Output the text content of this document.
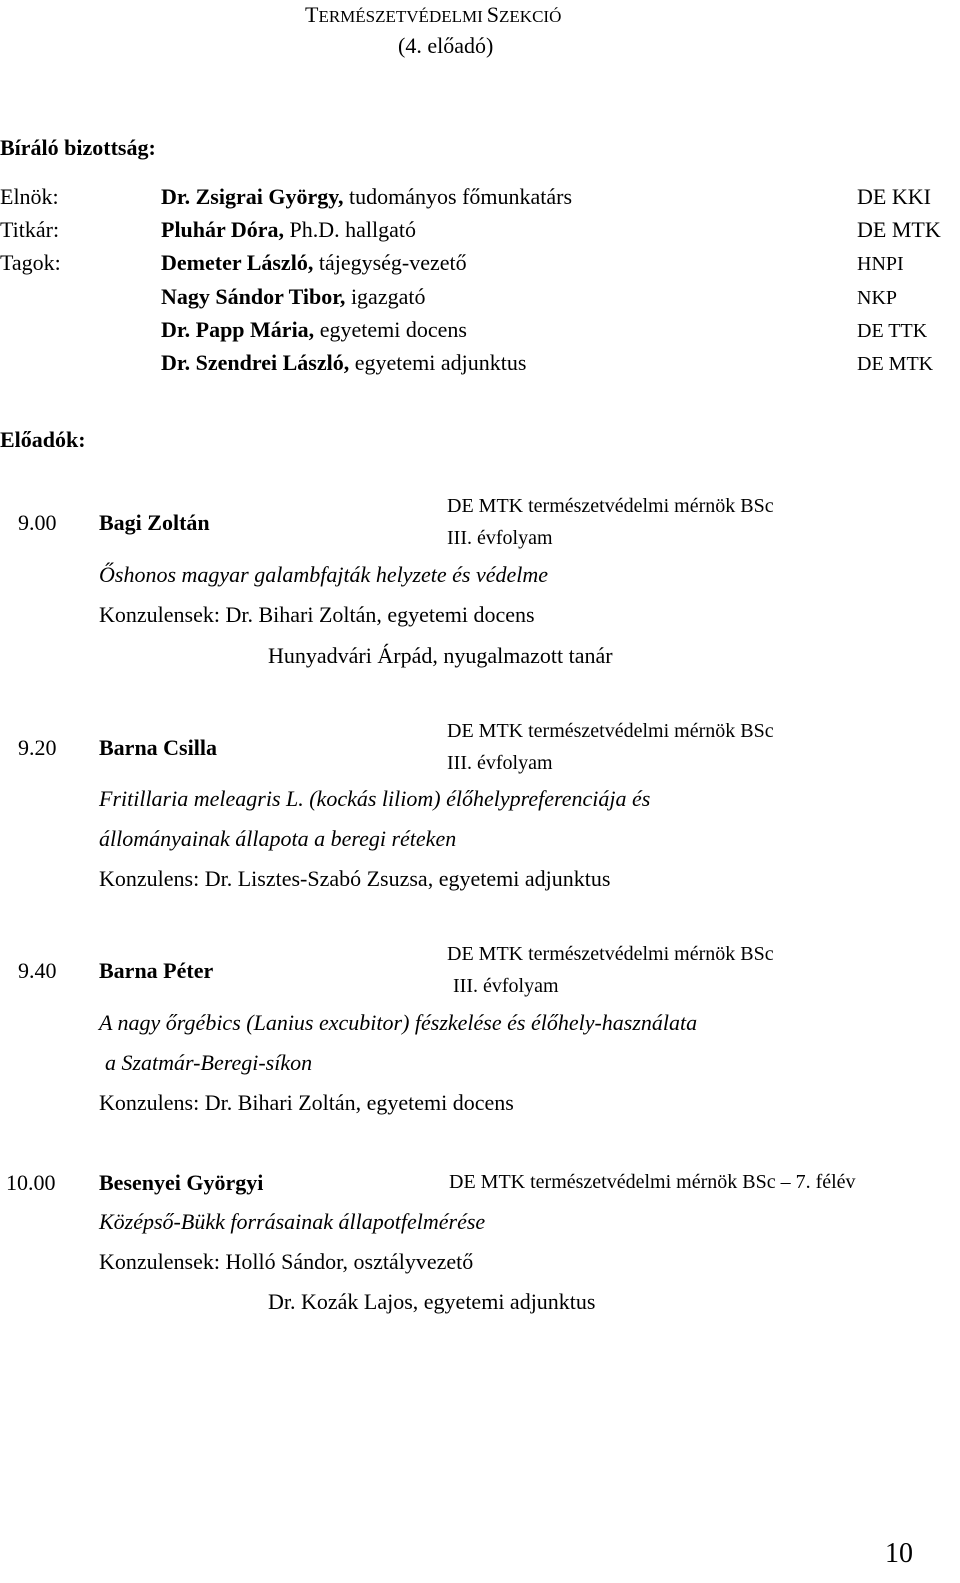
TERMÉSZETVÉDELMI SZEKCIÓ
(4. előadó)
Bíráló bizottság:
Elnök:	Dr. Zsigrai György, tudományos főmunkatárs	DE KKI
Titkár:	Pluhár Dóra, Ph.D. hallgató	DE MTK
Tagok:	Demeter László, tájegység-vezető	HNPI
Nagy Sándor Tibor, igazgató	NKP
Dr. Papp Mária, egyetemi docens	DE TTK
Dr. Szendrei László, egyetemi adjunktus	DE MTK
Előadók:
9.00 Bagi Zoltán
DE MTK természetvédelmi mérnök BSc
III. évfolyam
Őshonos magyar galambfajták helyzete és védelme
Konzulensek: Dr. Bihari Zoltán, egyetemi docens
Hunyadvári Árpád, nyugalmazott tanár
9.20 Barna Csilla
DE MTK természetvédelmi mérnök BSc
III. évfolyam
Fritillaria meleagris L. (kockás liliom) élőhelypreferenciája és
állományainak állapota a beregi réteken
Konzulens: Dr. Lisztes-Szabó Zsuzsa, egyetemi adjunktus
9.40 Barna Péter
DE MTK természetvédelmi mérnök BSc
III. évfolyam
A nagy őrgébics (Lanius excubitor) fészkelése és élőhely-használata
a Szatmár-Beregi-síkon
Konzulens: Dr. Bihari Zoltán, egyetemi docens
10.00 Besenyei Györgyi	DE MTK természetvédelmi mérnök BSc – 7. félév
Középső-Bükk forrásainak állapotfelmérése
Konzulensek: Holló Sándor, osztályvezető
Dr. Kozák Lajos, egyetemi adjunktus
10
